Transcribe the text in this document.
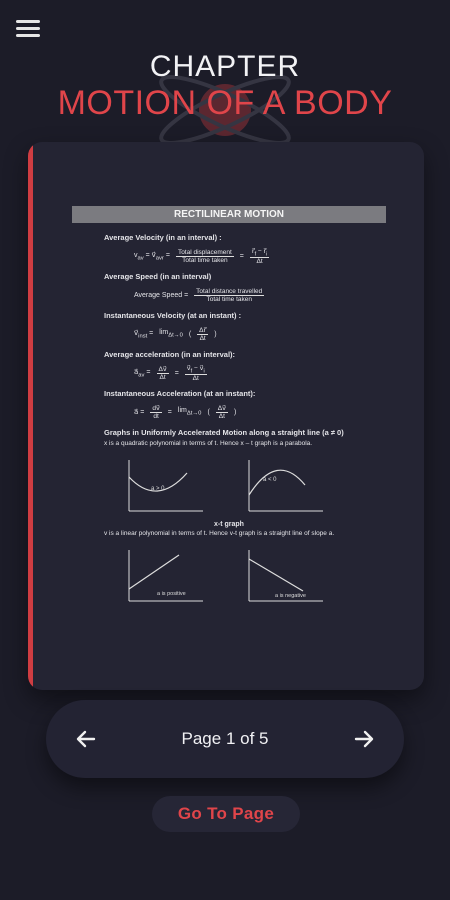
CHAPTER
MOTION OF A BODY
RECTILINEAR MOTION
Average Velocity (in an interval) :
$v_{av}$ = $v⃗_{avr} = \frac{\text{Total displacement}}{\text{Total time taken}} = \frac{r⃗_f - r⃗_i}{\Delta t}$
Average Speed (in an interval)
Average Speed = $\frac{\text{Total distance travelled}}{\text{Total time taken}}$
Instantaneous Velocity (at an instant) :
$v⃗_{inst} = \lim_{\Delta t\to 0}$ ( $\frac{\Delta r⃗}{\Delta t}$ )
Average acceleration (in an interval):
$a⃗_{av} = \frac{\Delta v⃗}{\Delta t} = \frac{v⃗_f - v⃗_i}{\Delta t}$
Instantaneous Acceleration (at an instant):
a⃗ = $\frac{dv⃗}{dt} = \lim_{\Delta t\to 0}$ ( $\frac{\Delta v⃗}{\Delta t}$ )
Graphs in Uniformly Accelerated Motion along a straight line (a ≠ 0)
x is a quadratic polynomial in terms of t. Hence x – t graph is a parabola.
a > 0
a < 0
x-t graph
v is a linear polynomial in terms of t. Hence v-t graph is a straight line of slope a.
a is positive	a is negative
Page 1 of 5
Go To Page
